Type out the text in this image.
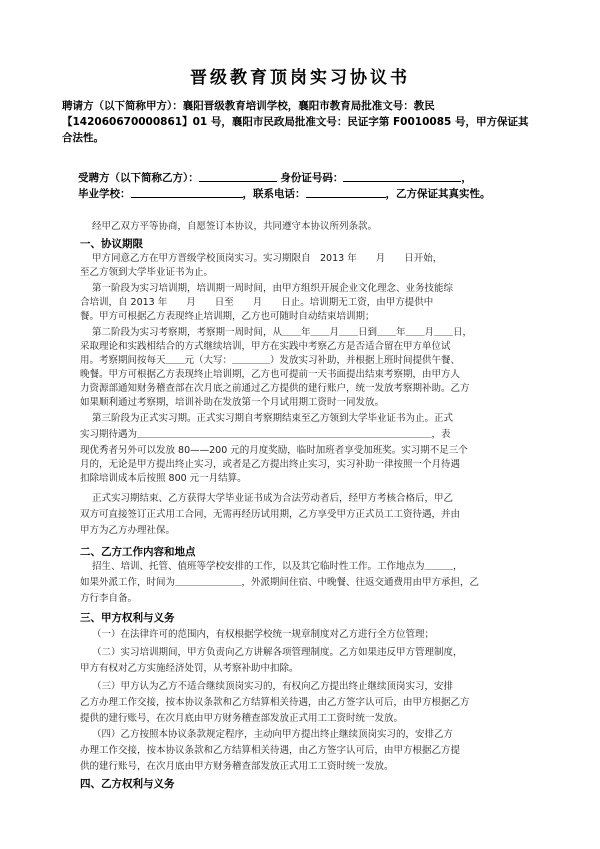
晋级教育顶岗实习协议书
聘请方（以下简称甲方）：襄阳晋级教育培训学校，襄阳市教育局批准文号：教民
【142060670000861】01 号，襄阳市民政局批准文号：民证字第 F0010085 号，甲方保证其
合法性。
受聘方（以下简称乙方）：	身份证号码：	，
毕业学校：	，联系电话：	，乙方保证其真实性。
经甲乙双方平等协商，自愿签订本协议，共同遵守本协议所列条款。
一、协议期限
甲方同意乙方在甲方晋级学校顶岗实习。实习期限自　2013 年　　月　　日开始，
至乙方领到大学毕业证书为止。
第一阶段为实习培训期，培训期一周时间，由甲方组织开展企业文化理念、业务技能综
合培训，自 2013 年　　月　　日至　　月　　日止。培训期无工资，由甲方提供中
餐。甲方可根据乙方表现终止培训期，乙方也可随时自动结束培训期；
第二阶段为实习考察期，考察期一周时间，从＿＿年＿＿月＿＿日到＿＿年＿＿月＿＿日，
采取理论和实践相结合的方式继续培训，甲方在实践中考察乙方是否适合留在甲方单位试
用。考察期间按每天＿＿元（大写：＿＿＿＿）发放实习补助，并根据上班时间提供午餐、
晚餐。甲方可根据乙方表现终止培训期，乙方也可提前一天书面提出结束考察期，由甲方人
力资源部通知财务稽查部在次月底之前通过乙方提供的建行账户，统一发放考察期补助。乙方
如果顺利通过考察期，培训补助在发放第一个月试用期工资时一同发放。
第三阶段为正式实习期。正式实习期自考察期结束至乙方领到大学毕业证书为止。正式
实习期待遇为＿＿＿＿＿＿＿＿＿＿＿＿＿＿＿＿＿＿＿＿＿＿＿＿＿＿＿＿＿＿＿，表
现优秀者另外可以发放 80——200 元的月度奖励，临时加班者享受加班奖。实习期不足三个
月的，无论是甲方提出终止实习，或者是乙方提出终止实习，实习补助一律按照一个月待遇
扣除培训成本后按照 800 元一月结算。
正式实习期结束、乙方获得大学毕业证书成为合法劳动者后，经甲方考核合格后，甲乙
双方可直接签订正式用工合同，无需再经历试用期，乙方享受甲方正式员工工资待遇，并由
甲方为乙方办理社保。
二、乙方工作内容和地点
招生、培训、托管、值班等学校安排的工作，以及其它临时性工作。工作地点为＿＿＿，
如果外派工作，时间为＿＿＿＿＿＿＿，外派期间住宿、中晚餐、往返交通费用由甲方承担，乙
方行李自备。
三、甲方权利与义务
（一）在法律许可的范围内，有权根据学校统一规章制度对乙方进行全方位管理；
（二）实习培训期间，甲方负责向乙方讲解各项管理制度。乙方如果违反甲方管理制度，
甲方有权对乙方实施经济处罚，从考察补助中扣除。
（三）甲方认为乙方不适合继续顶岗实习的，有权向乙方提出终止继续顶岗实习，安排
乙方办理工作交接，按本协议条款和乙方结算相关待遇，由乙方签字认可后，由甲方根据乙方
提供的建行账号，在次月底由甲方财务稽查部发放正式用工工资时统一发放。
（四）乙方按照本协议条款规定程序，主动向甲方提出终止继续顶岗实习的，安排乙方
办理工作交接，按本协议条款和乙方结算相关待遇，由乙方签字认可后，由甲方根据乙方提
供的建行账号，在次月底由甲方财务稽查部发放正式用工工资时统一发放。
四、乙方权利与义务
